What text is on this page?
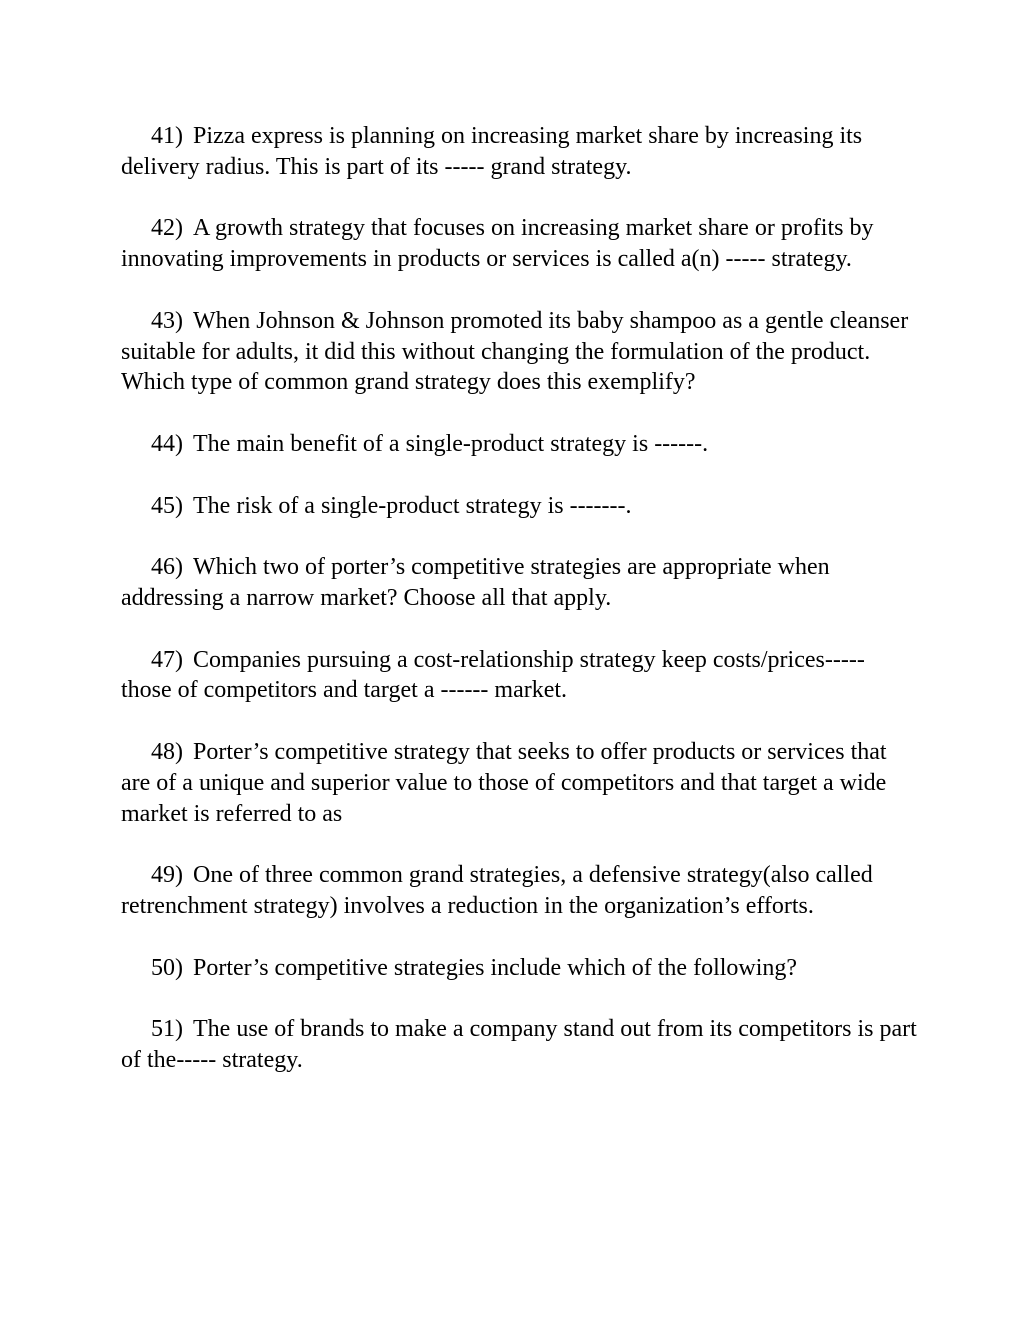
41) Pizza express is planning on increasing market share by increasing its delivery radius. This is part of its ----- grand strategy.

42) A growth strategy that focuses on increasing market share or profits by innovating improvements in products or services is called a(n) ----- strategy.

43) When Johnson & Johnson promoted its baby shampoo as a gentle cleanser suitable for adults, it did this without changing the formulation of the product. Which type of common grand strategy does this exemplify?

44) The main benefit of a single-product strategy is ------.

45) The risk of a single-product strategy is -------.

46) Which two of porter’s competitive strategies are appropriate when addressing a narrow market? Choose all that apply.

47) Companies pursuing a cost-relationship strategy keep costs/prices----- those of competitors and target a ------ market.

48) Porter’s competitive strategy that seeks to offer products or services that are of a unique and superior value to those of competitors and that target a wide market is referred to as

49) One of three common grand strategies, a defensive strategy(also called retrenchment strategy) involves a reduction in the organization’s efforts.

50) Porter’s competitive strategies include which of the following?

51) The use of brands to make a company stand out from its competitors is part of the----- strategy.
